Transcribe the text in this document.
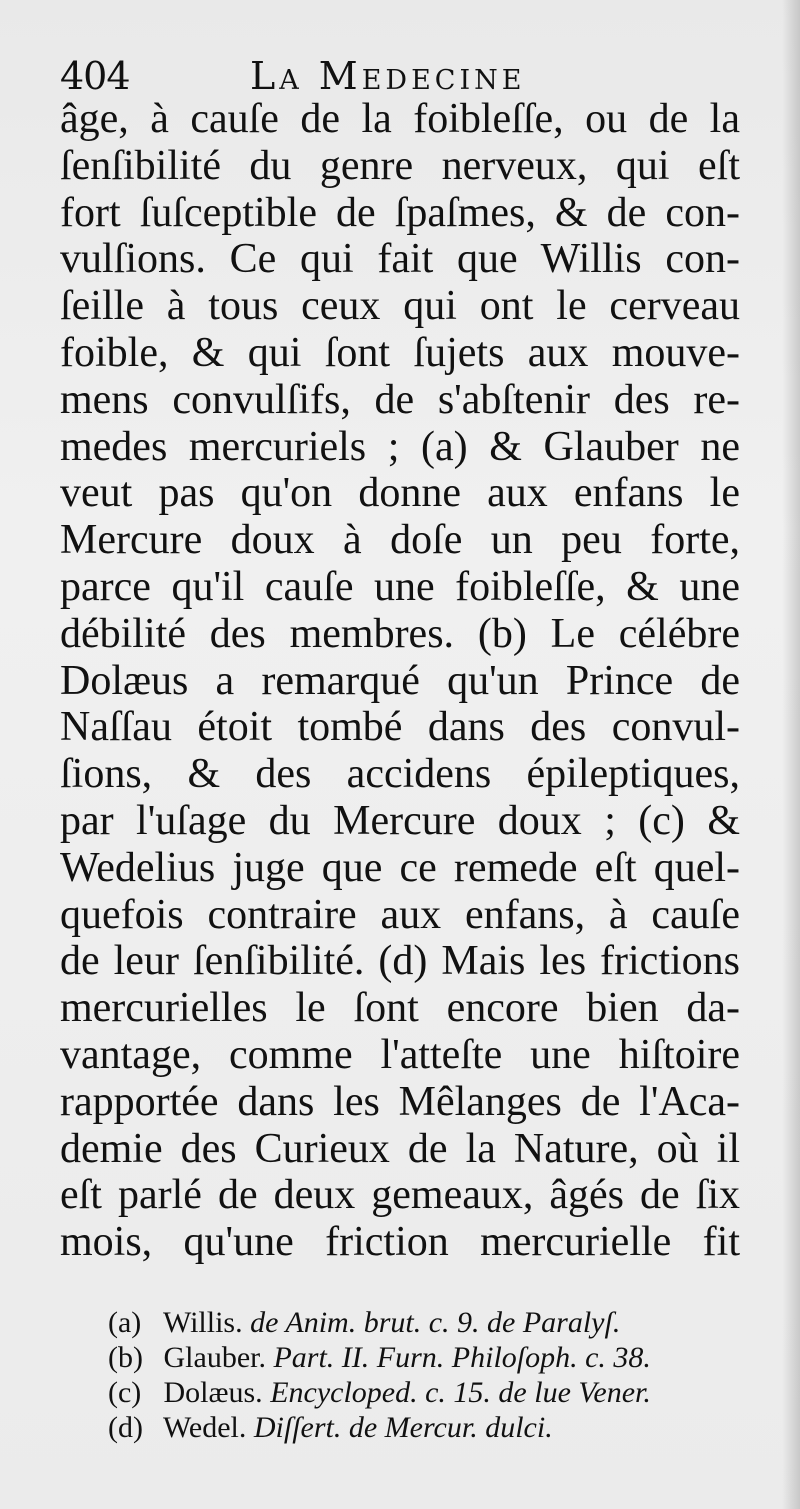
404	La Medecine
âge, à cauſe de la foibleſſe, ou de la
ſenſibilité du genre nerveux, qui eſt
fort ſuſceptible de ſpaſmes, & de con-
vulſions. Ce qui fait que Willis con-
ſeille à tous ceux qui ont le cerveau
foible, & qui ſont ſujets aux mouve-
mens convulſifs, de s'abſtenir des re-
medes mercuriels ; (a) & Glauber ne
veut pas qu'on donne aux enfans le
Mercure doux à doſe un peu forte,
parce qu'il cauſe une foibleſſe, & une
débilité des membres. (b) Le célébre
Dolæus a remarqué qu'un Prince de
Naſſau étoit tombé dans des convul-
ſions, & des accidens épileptiques,
par l'uſage du Mercure doux ; (c) &
Wedelius juge que ce remede eſt quel-
quefois contraire aux enfans, à cauſe
de leur ſenſibilité. (d) Mais les frictions
mercurielles le ſont encore bien da-
vantage, comme l'atteſte une hiſtoire
rapportée dans les Mêlanges de l'Aca-
demie des Curieux de la Nature, où il
eſt parlé de deux gemeaux, âgés de ſix
mois, qu'une friction mercurielle fit
(a) Willis. de Anim. brut. c. 9. de Paralyſ.
(b) Glauber. Part. II. Furn. Philoſoph. c. 38.
(c) Dolæus. Encycloped. c. 15. de lue Vener.
(d) Wedel. Diſſert. de Mercur. dulci.
